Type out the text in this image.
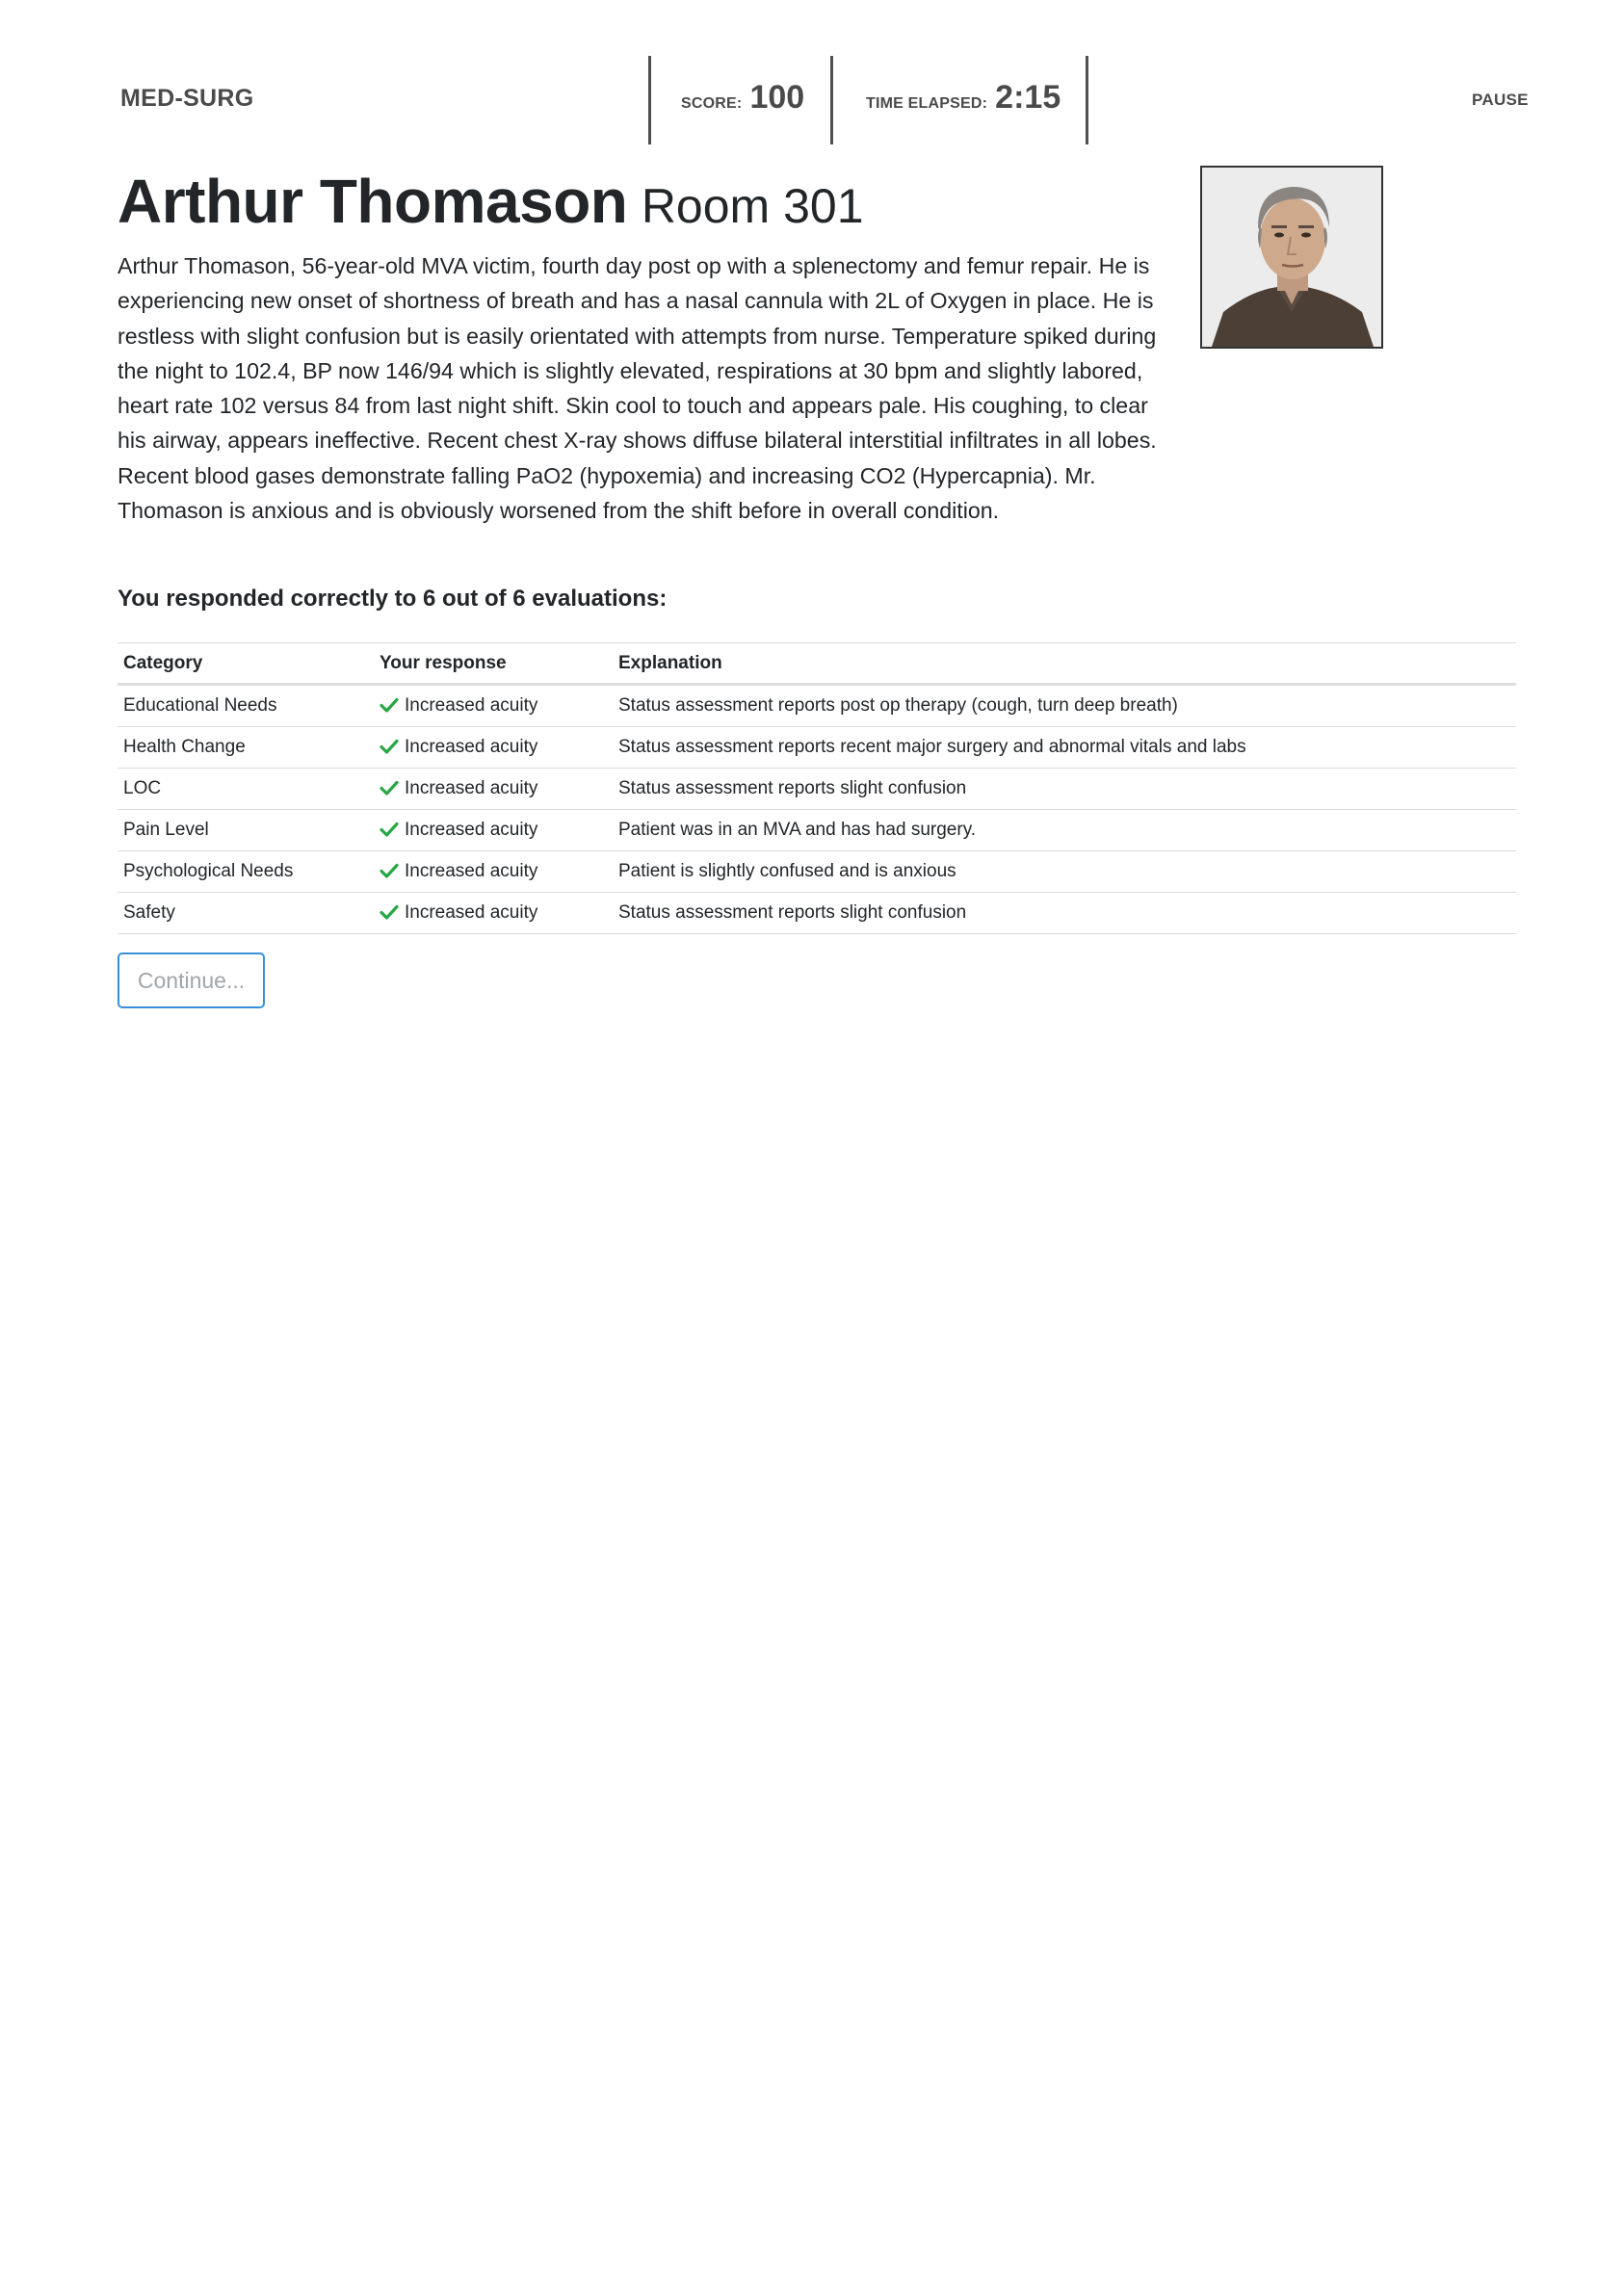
MED-SURG	SCORE: 100	TIME ELAPSED: 2:15	PAUSE
Arthur Thomason Room 301

Arthur Thomason, 56-year-old MVA victim, fourth day post op with a splenectomy and femur repair. He is experiencing new onset of shortness of breath and has a nasal cannula with 2L of Oxygen in place. He is restless with slight confusion but is easily orientated with attempts from nurse. Temperature spiked during the night to 102.4, BP now 146/94 which is slightly elevated, respirations at 30 bpm and slightly labored, heart rate 102 versus 84 from last night shift. Skin cool to touch and appears pale. His coughing, to clear his airway, appears ineffective. Recent chest X-ray shows diffuse bilateral interstitial infiltrates in all lobes. Recent blood gases demonstrate falling PaO2 (hypoxemia) and increasing CO2 (Hypercapnia). Mr. Thomason is anxious and is obviously worsened from the shift before in overall condition.

You responded correctly to 6 out of 6 evaluations:
Category	Your response	Explanation
Educational Needs	Increased acuity	Status assessment reports post op therapy (cough, turn deep breath)
Health Change	Increased acuity	Status assessment reports recent major surgery and abnormal vitals and labs
LOC	Increased acuity	Status assessment reports slight confusion
Pain Level	Increased acuity	Patient was in an MVA and has had surgery.
Psychological Needs	Increased acuity	Patient is slightly confused and is anxious
Safety	Increased acuity	Status assessment reports slight confusion
Continue...
